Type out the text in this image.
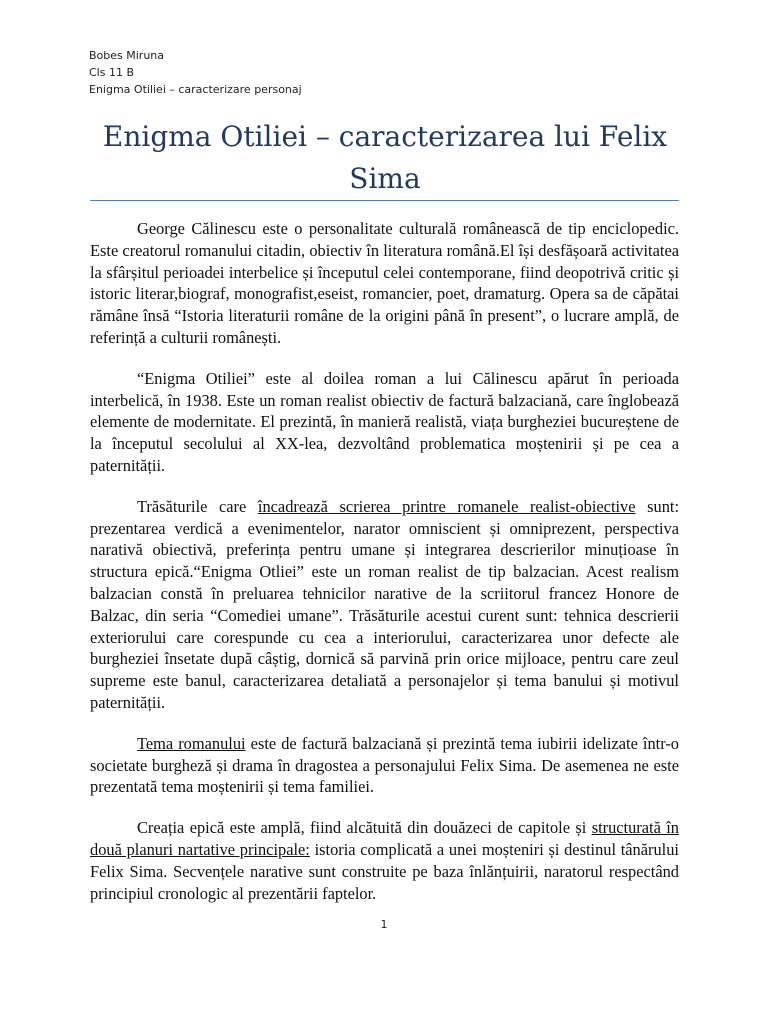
Bobes Miruna
Cls 11 B
Enigma Otiliei – caracterizare personaj
Enigma Otiliei – caracterizarea lui Felix Sima

George Călinescu este o personalitate culturală românească de tip enciclopedic. Este creatorul romanului citadin, obiectiv în literatura română.El își desfășoară activitatea la sfârșitul perioadei interbelice și începutul celei contemporane, fiind deopotrivă critic și istoric literar,biograf, monografist,eseist, romancier, poet, dramaturg. Opera sa de căpătai rămâne însă “Istoria literaturii române de la origini până în present”, o lucrare amplă, de referință a culturii românești.

“Enigma Otiliei” este al doilea roman a lui Călinescu apărut în perioada interbelică, în 1938. Este un roman realist obiectiv de factură balzaciană, care înglobează elemente de modernitate. El prezintă, în manieră realistă, viața burgheziei bucureștene de la începutul secolului al XX-lea, dezvoltând problematica moștenirii și pe cea a paternității.

Trăsăturile care încadrează scrierea printre romanele realist-obiective sunt: prezentarea verdică a evenimentelor, narator omniscient și omniprezent, perspectiva narativă obiectivă, preferința pentru umane și integrarea descrierilor minuțioase în structura epică.“Enigma Otliei” este un roman realist de tip balzacian. Acest realism balzacian constă în preluarea tehnicilor narative de la scriitorul francez Honore de Balzac, din seria “Comediei umane”. Trăsăturile acestui curent sunt: tehnica descrierii exteriorului care corespunde cu cea a interiorului, caracterizarea unor defecte ale burgheziei însetate după câștig, dornică să parvină prin orice mijloace, pentru care zeul supreme este banul, caracterizarea detaliată a personajelor și tema banului și motivul paternității.

Tema romanului este de factură balzaciană și prezintă tema iubirii idelizate într-o societate burgheză și drama în dragostea a personajului Felix Sima. De asemenea ne este prezentată tema moștenirii și tema familiei.

Creația epică este amplă, fiind alcătuită din douăzeci de capitole și structurată în două planuri nartative principale: istoria complicată a unei moșteniri și destinul tânărului Felix Sima. Secvențele narative sunt construite pe baza înlănțuirii, naratorul respectând principiul cronologic al prezentării faptelor.

1
